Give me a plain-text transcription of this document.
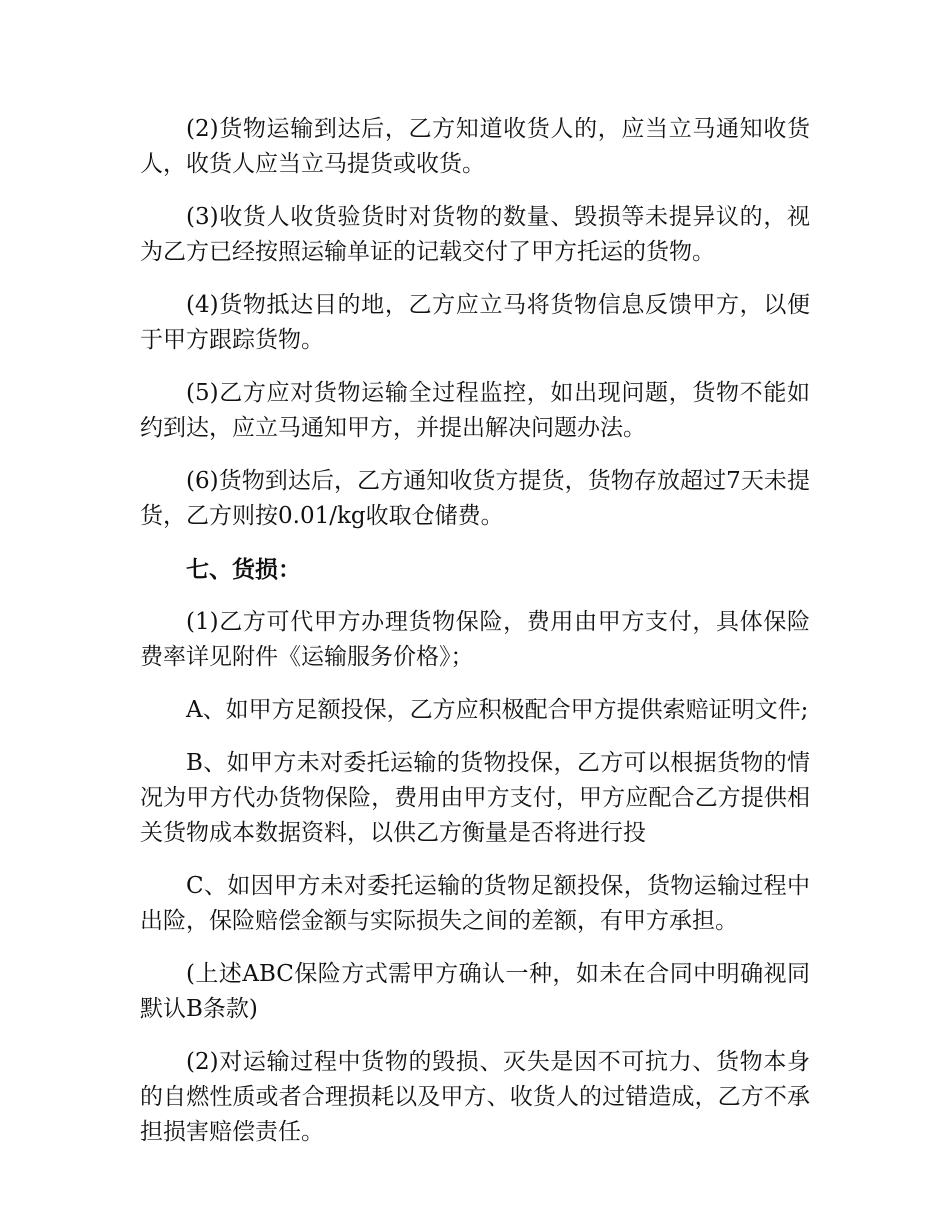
(2)货物运输到达后，乙方知道收货人的，应当立马通知收货人，收货人应当立马提货或收货。

(3)收货人收货验货时对货物的数量、毁损等未提异议的，视为乙方已经按照运输单证的记载交付了甲方托运的货物。

(4)货物抵达目的地，乙方应立马将货物信息反馈甲方，以便于甲方跟踪货物。

(5)乙方应对货物运输全过程监控，如出现问题，货物不能如约到达，应立马通知甲方，并提出解决问题办法。

(6)货物到达后，乙方通知收货方提货，货物存放超过7天未提货，乙方则按0.01/kg收取仓储费。

七、货损：

(1)乙方可代甲方办理货物保险，费用由甲方支付，具体保险费率详见附件《运输服务价格》；

A、如甲方足额投保，乙方应积极配合甲方提供索赔证明文件;

B、如甲方未对委托运输的货物投保，乙方可以根据货物的情况为甲方代办货物保险，费用由甲方支付，甲方应配合乙方提供相关货物成本数据资料，以供乙方衡量是否将进行投

C、如因甲方未对委托运输的货物足额投保，货物运输过程中出险，保险赔偿金额与实际损失之间的差额，有甲方承担。

(上述ABC保险方式需甲方确认一种，如未在合同中明确视同默认B条款)

(2)对运输过程中货物的毁损、灭失是因不可抗力、货物本身的自燃性质或者合理损耗以及甲方、收货人的过错造成，乙方不承担损害赔偿责任。
